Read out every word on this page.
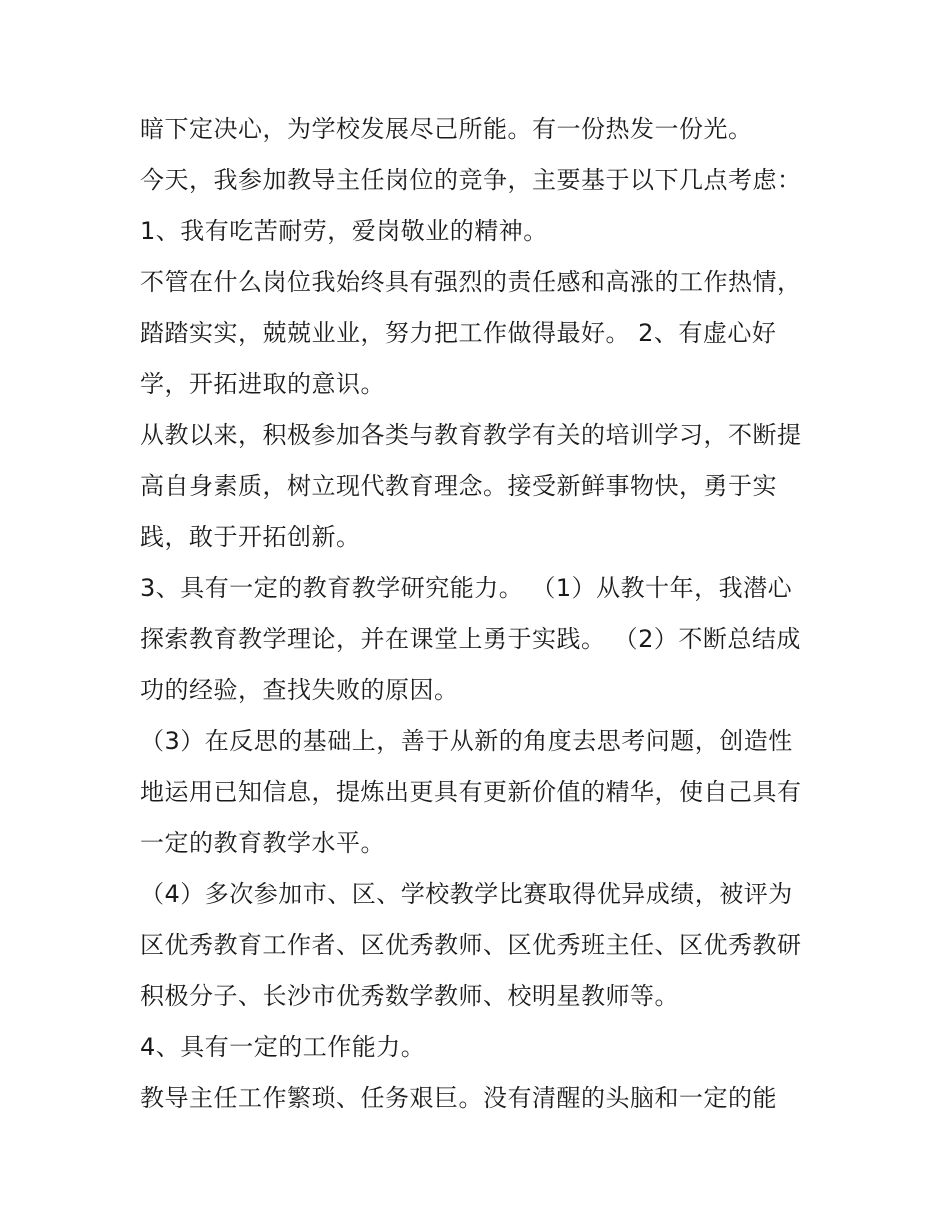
暗下定决心，为学校发展尽己所能。有一份热发一份光。
今天，我参加教导主任岗位的竞争，主要基于以下几点考虑：
1、我有吃苦耐劳，爱岗敬业的精神。
不管在什么岗位我始终具有强烈的责任感和高涨的工作热情，
踏踏实实，兢兢业业，努力把工作做得最好。 2、有虚心好
学，开拓进取的意识。
从教以来，积极参加各类与教育教学有关的培训学习，不断提
高自身素质，树立现代教育理念。接受新鲜事物快，勇于实
践，敢于开拓创新。
3、具有一定的教育教学研究能力。 （1）从教十年，我潜心
探索教育教学理论，并在课堂上勇于实践。 （2）不断总结成
功的经验，查找失败的原因。
（3）在反思的基础上，善于从新的角度去思考问题，创造性
地运用已知信息，提炼出更具有更新价值的精华，使自己具有
一定的教育教学水平。
（4）多次参加市、区、学校教学比赛取得优异成绩，被评为
区优秀教育工作者、区优秀教师、区优秀班主任、区优秀教研
积极分子、长沙市优秀数学教师、校明星教师等。
4、具有一定的工作能力。
教导主任工作繁琐、任务艰巨。没有清醒的头脑和一定的能
